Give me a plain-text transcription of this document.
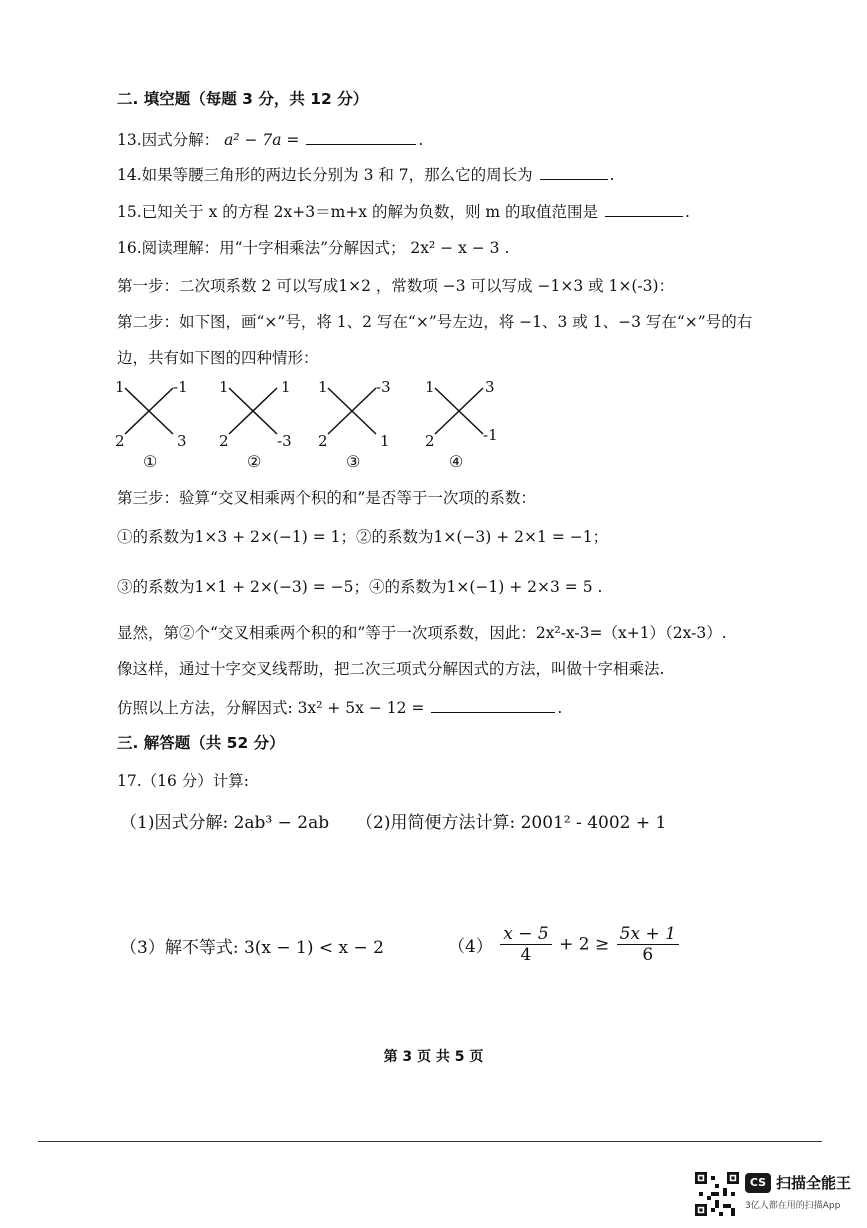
二. 填空题（每题 3 分，共 12 分）
13.因式分解： a² − 7a =	.
14.如果等腰三角形的两边长分别为 3 和 7，那么它的周长为	.
15.已知关于 x 的方程 2x+3＝m+x 的解为负数，则 m 的取值范围是	.
16.阅读理解：用“十字相乘法”分解因式； 2x² − x − 3 .
第一步：二次项系数 2 可以写成1×2 ，常数项 −3 可以写成 −1×3 或 1×(-3)：
第二步：如下图，画“×”号，将 1、2 写在“×”号左边，将 −1、3 或 1、−3 写在“×”号的右
边，共有如下图的四种情形：
1	-1
2	3
①
1	1
2	-3
②
1	-3
2	1
③
1	3
2	-1
④
第三步：验算“交叉相乘两个积的和”是否等于一次项的系数：
①的系数为1×3 + 2×(−1) = 1；②的系数为1×(−3) + 2×1 = −1；
③的系数为1×1 + 2×(−3) = −5；④的系数为1×(−1) + 2×3 = 5 .
显然，第②个“交叉相乘两个积的和”等于一次项系数，因此：2x²-x-3=（x+1）（2x-3）.
像这样，通过十字交叉线帮助，把二次三项式分解因式的方法，叫做十字相乘法.
仿照以上方法，分解因式: 3x² + 5x − 12 =	.
三. 解答题（共 52 分）
17.（16 分）计算:
（1)因式分解: 2ab³ − 2ab （2)用简便方法计算: 2001² - 4002 + 1
（3）解不等式: 3(x − 1) < x − 2	$(4) \frac{x - 5}{4} + 2 \ge \frac{5x + 1}{6}$
第 3 页 共 5 页
CS 扫描全能王
3亿人都在用的扫描App
